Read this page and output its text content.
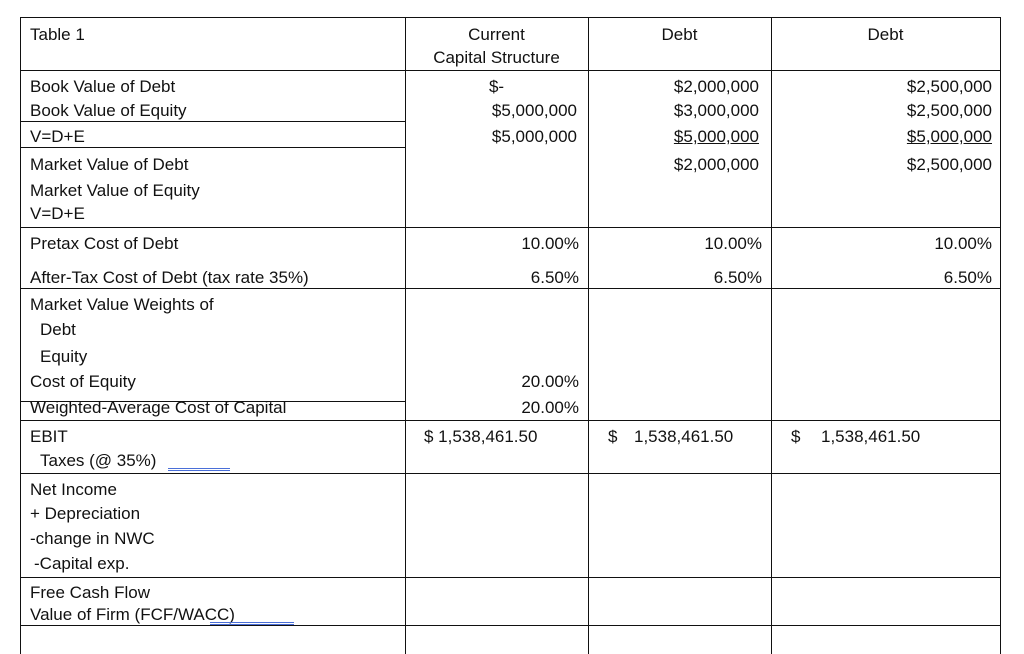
Table 1	Current
Capital Structure
Debt	Debt
Book Value of Debt
Book Value of Equity
V=D+E
Market Value of Debt
Market Value of Equity
V=D+E
Pretax Cost of Debt
After-Tax Cost of Debt (tax rate 35%)
Market Value Weights of
Debt
Equity
Cost of Equity
Weighted-Average Cost of Capital
EBIT
Taxes (@ 35%)
Net Income
+ Depreciation
-change in NWC
-Capital exp.
Free Cash Flow
Value of Firm (FCF/WACC)
$-
$5,000,000
$5,000,000
10.00%
6.50%
20.00%
20.00%
$ 1,538,461.50
$2,000,000
$3,000,000
$5,000,000
$2,000,000
10.00%
6.50%
$ 1,538,461.50
$2,500,000
$2,500,000
$5,000,000
$2,500,000
10.00%
6.50%
$ 1,538,461.50
